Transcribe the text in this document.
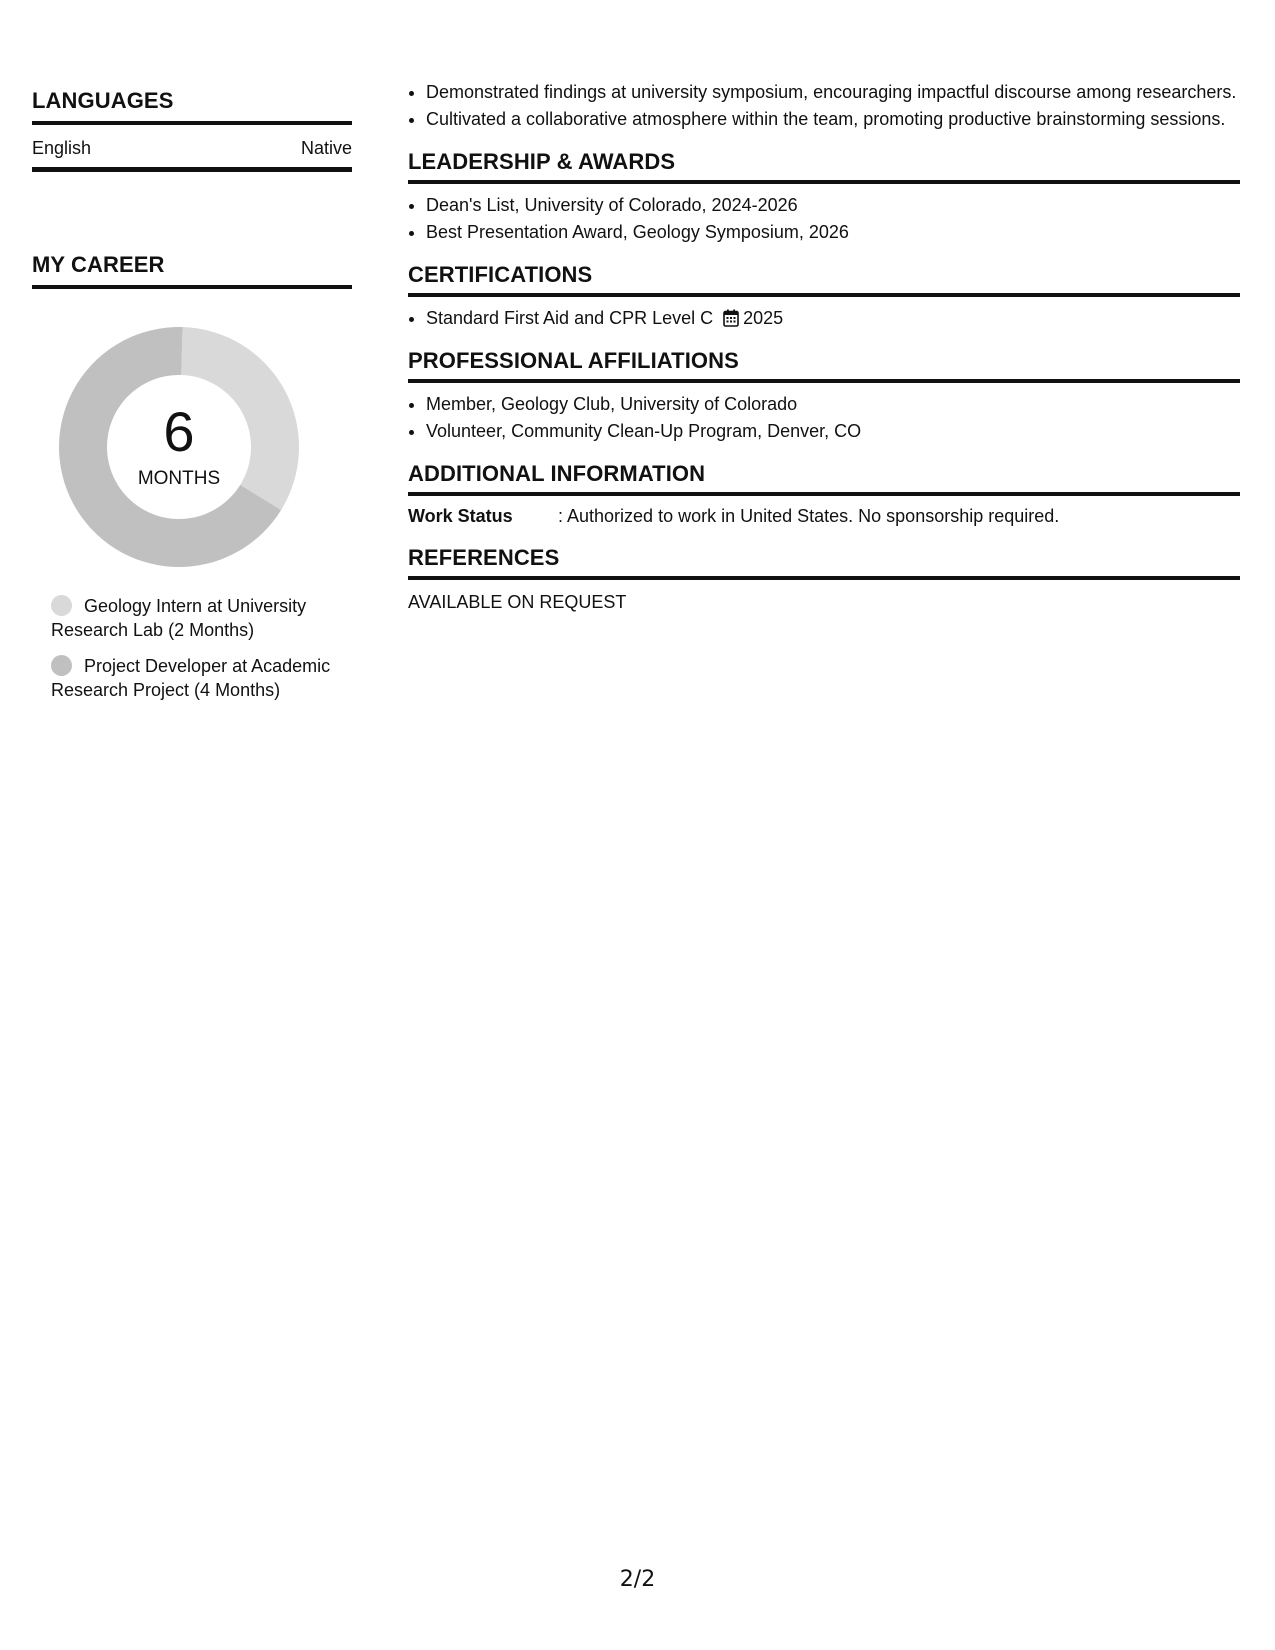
LANGUAGES
English	Native
MY CAREER
6
MONTHS
Geology Intern at University Research Lab (2 Months)
Project Developer at Academic Research Project (4 Months)
• Demonstrated findings at university symposium, encouraging impactful discourse among researchers.
• Cultivated a collaborative atmosphere within the team, promoting productive brainstorming sessions.
LEADERSHIP & AWARDS
• Dean's List, University of Colorado, 2024-2026
• Best Presentation Award, Geology Symposium, 2026
CERTIFICATIONS
• Standard First Aid and CPR Level C 2025
PROFESSIONAL AFFILIATIONS
• Member, Geology Club, University of Colorado
• Volunteer, Community Clean-Up Program, Denver, CO
ADDITIONAL INFORMATION
Work Status	: Authorized to work in United States. No sponsorship required.
REFERENCES
AVAILABLE ON REQUEST
2/2
